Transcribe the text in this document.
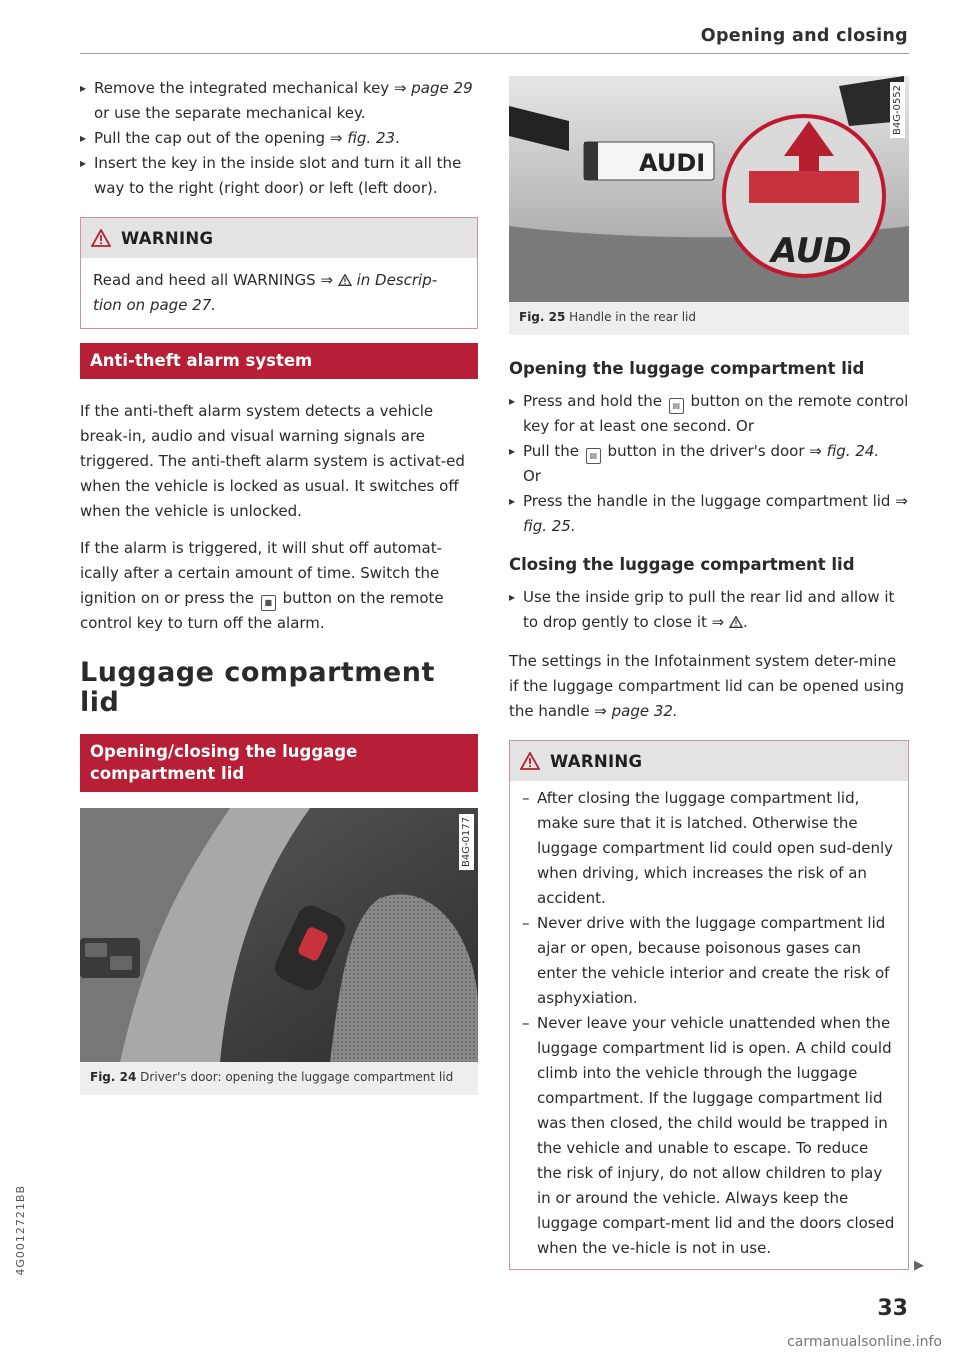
Opening and closing
▸ Remove the integrated mechanical key ⇒ page 29 or use the separate mechanical key.
▸ Pull the cap out of the opening ⇒ fig. 23.
▸ Insert the key in the inside slot and turn it all the way to the right (right door) or left (left door).
WARNING

Read and heed all WARNINGS ⇒  in Descrip-tion on page 27.

Anti-theft alarm system

If the anti-theft alarm system detects a vehicle break-in, audio and visual warning signals are triggered. The anti-theft alarm system is activat-ed when the vehicle is locked as usual. It switches off when the vehicle is unlocked.

If the alarm is triggered, it will shut off automat-ically after a certain amount of time. Switch the ignition on or press the ■ button on the remote control key to turn off the alarm.

Luggage compartment lid
Opening/closing the luggage compartment lid
B4G-0177
Fig. 24 Driver's door: opening the luggage compartment lid
AUDI
AUD
B4G-0552
Fig. 25 Handle in the rear lid
Opening the luggage compartment lid
▸ Press and hold the ▤ button on the remote control key for at least one second. Or
▸ Pull the ▤ button in the driver's door ⇒ fig. 24.
Or
▸ Press the handle in the luggage compartment lid ⇒ fig. 25.
Closing the luggage compartment lid
▸ Use the inside grip to pull the rear lid and allow it to drop gently to close it ⇒ .

The settings in the Infotainment system deter-mine if the luggage compartment lid can be opened using the handle ⇒ page 32.

WARNING
– After closing the luggage compartment lid, make sure that it is latched. Otherwise the luggage compartment lid could open sud-denly when driving, which increases the risk of an accident.
– Never drive with the luggage compartment lid ajar or open, because poisonous gases can enter the vehicle interior and create the risk of asphyxiation.
– Never leave your vehicle unattended when the luggage compartment lid is open. A child could climb into the vehicle through the luggage compartment. If the luggage compartment lid was then closed, the child would be trapped in the vehicle and unable to escape. To reduce the risk of injury, do not allow children to play in or around the vehicle. Always keep the luggage compart-ment lid and the doors closed when the ve-hicle is not in use.
▶
33
4G0012721BB
carmanualsonline.info
